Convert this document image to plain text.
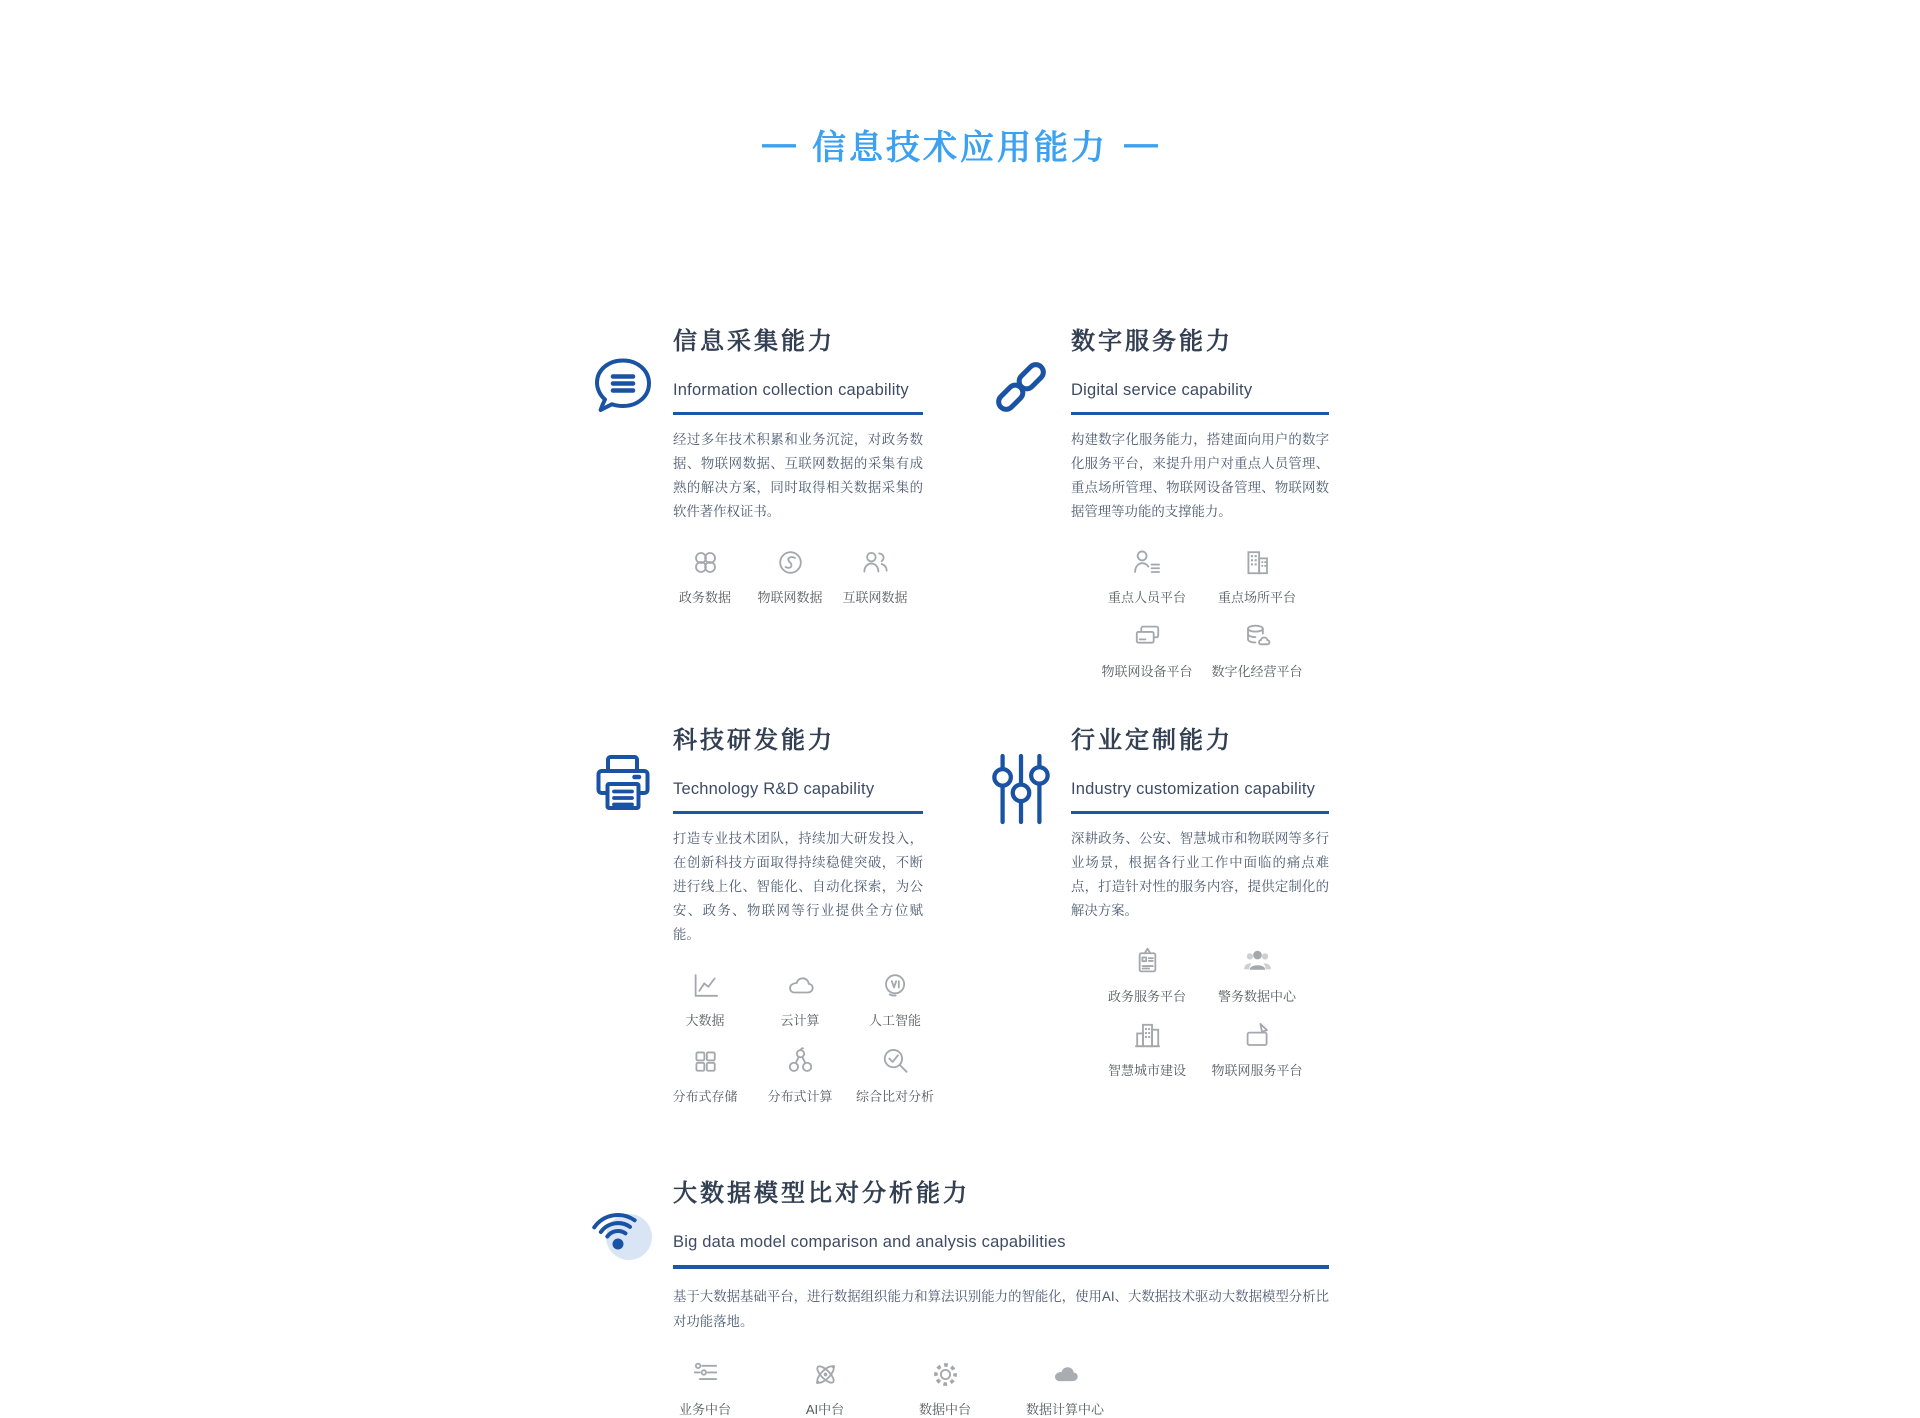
— 信息技术应用能力 —
信息采集能力
Information collection capability

经过多年技术积累和业务沉淀，对政务数据、物联网数据、互联网数据的采集有成熟的解决方案，同时取得相关数据采集的软件著作权证书。

政务数据 物联网数据 互联网数据
数字服务能力
Digital service capability

构建数字化服务能力，搭建面向用户的数字化服务平台，来提升用户对重点人员管理、重点场所管理、物联网设备管理、物联网数据管理等功能的支撑能力。

重点人员平台 重点场所平台
物联网设备平台 数字化经营平台
科技研发能力
Technology R&D capability

打造专业技术团队，持续加大研发投入，在创新科技方面取得持续稳健突破，不断进行线上化、智能化、自动化探索，为公安、政务、物联网等行业提供全方位赋能。

大数据	云计算	人工智能
分布式存储 分布式计算 综合比对分析
行业定制能力
Industry customization capability

深耕政务、公安、智慧城市和物联网等多行业场景，根据各行业工作中面临的痛点难点，打造针对性的服务内容，提供定制化的解决方案。

政务服务平台 警务数据中心
智慧城市建设 物联网服务平台
大数据模型比对分析能力
Big data model comparison and analysis capabilities

基于大数据基础平台，进行数据组织能力和算法识别能力的智能化，使用AI、大数据技术驱动大数据模型分析比对功能落地。

业务中台	AI中台	数据中台	数据计算中心
